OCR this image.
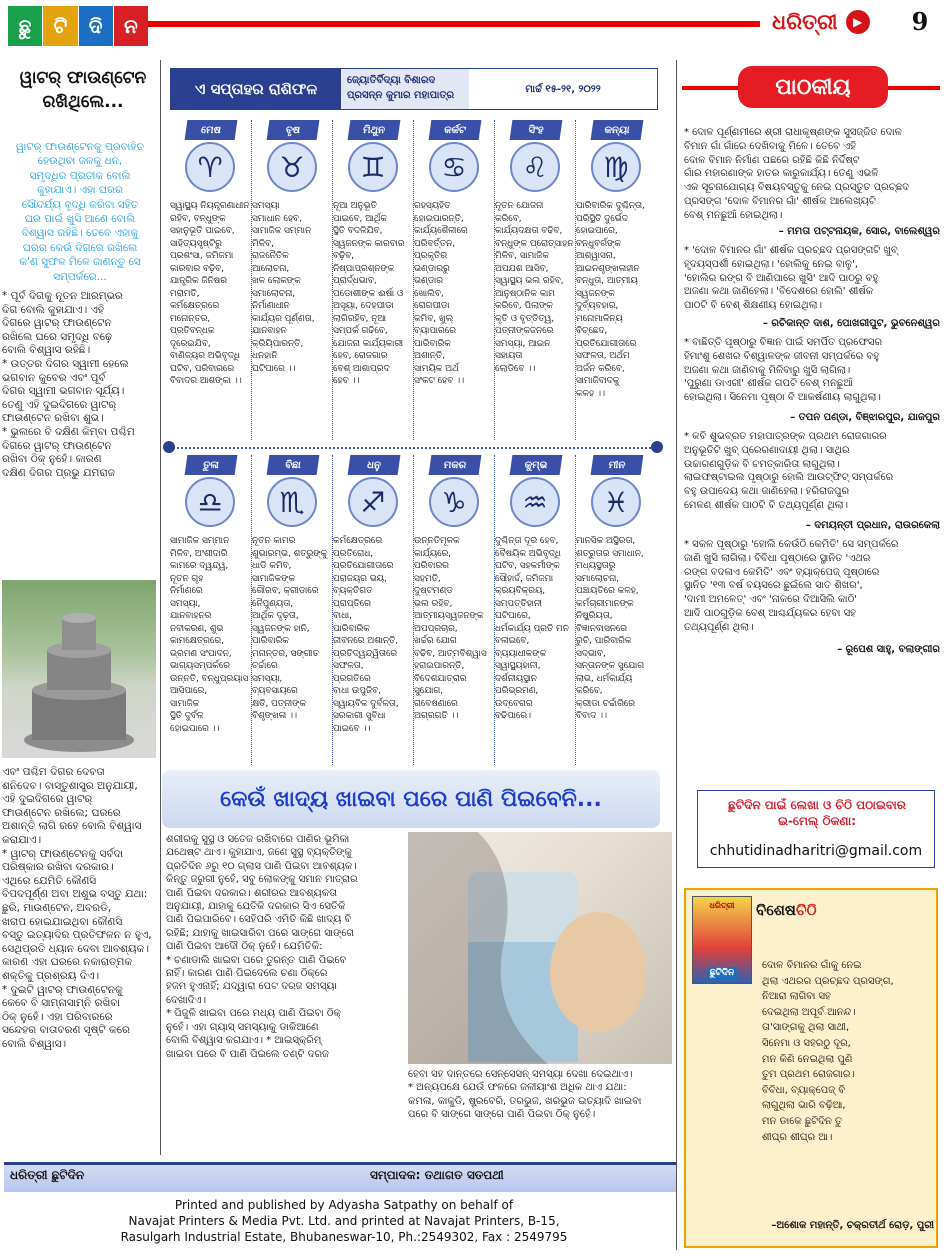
ଛୁ	ଟି	ଦି	ନ	ଧରିତ୍ରୀ	▶	9
ୱାଟର୍ ଫାଉଣ୍ଟେନ
ରଖିଥିଲେ...
ୱାଟର୍ ଫାଉଣ୍ଟେନକୁ ପ୍ରବାହିତ
ହେଉଥିବା ଜଳକୁ ଧନ,
ସମୃଦ୍ଧିର ପ୍ରତୀକ ବୋଲି
କୁହାଯାଏ। ଏହା ଘରର
ସୌନ୍ଦର୍ଯ୍ୟ ବୃଦ୍ଧି କରିବା ସହିତ
ଘର ପାଇଁ ଖୁସି ଆଣେ ବୋଲି
ବିଶ୍ୱାସ ରହିଛି। ତେବେ ଏହାକୁ
ଘରର କେଉଁ ଦିଗରେ ରଖିଲେ
କ'ଣ ସୁଫଳ ମିଳେ ଜାଣନ୍ତୁ ସେ
ସମ୍ପର୍କରେ...
* ପୂର୍ବ ଦିଗକୁ ନୂତନ ଆରମ୍ଭର
ଦିଗ ବୋଲି କୁହାଯାଏ। ଏହି
ଦିଗରେ ୱାଟର୍ ଫାଉଣ୍ଟେନ
ରଖିଲେ ଘରେ ସମୃଦ୍ଧି ବଢ଼େ
ବୋଲି ବିଶ୍ୱାସ ରହିଛି।
* ଉତ୍ତର ଦିଗର ସ୍ୱାମୀ ହେଲେ
ଭଗବାନ କୁବେର ଏବଂ ପୂର୍ବ
ଦିଗର ସ୍ୱାମୀ ଭଗବାନ ସୂର୍ଯ୍ୟ।
ତେଣୁ ଏହି ଦୁଇଦିଗରେ ୱାଟର୍
ଫାଉଣ୍ଟେନ ରଖିବା ଶୁଭ।
* ଭୁଲରେ ବି ଦକ୍ଷିଣ କିମ୍ବା ପଶ୍ଚିମ
ଦିଗରେ ୱାଟର୍ ଫାଉଣ୍ଟେନ
ରଖିବା ଠିକ୍ ନୁହେଁ। କାରଣ
ଦକ୍ଷିଣ ଦିଗର ପ୍ରଭୁ ଯମରାଜ
ଏବଂ ପଶ୍ଚିମ ଦିଗର ଦେବତା
ଶନିଦେବ। ବାସ୍ତୁଶାସ୍ତ୍ର ଅନୁଯାୟୀ,
ଏହି ଦୁଇଦିଗରେ ୱାଟର୍
ଫାଉଣ୍ଟେନ ରଖିଲେ; ଘରରେ
ଅଶାନ୍ତି ଲାଗି ରହେ ବୋଲି ବିଶ୍ୱାସ
କରାଯାଏ।
* ୱାଟର୍ ଫାଉଣ୍ଟେନକୁ ସର୍ବଦା
ପରିଷ୍କାର ରଖିବା ଦରକାର।
ଏଥିରେ ଯେମିତି କୌଣସି
ବିପଦପୂର୍ଣ୍ଣ ଅବା ଅଶୁଭ ବସ୍ତୁ ଯଥା:
ଛୁରି, ମାଉଣ୍ଟେନ, ଅବରଡି,
ଖରାପ ହୋଇଯାଇଥିବା କୌଣସି
ବସ୍ତୁ ଇତ୍ୟାଦିର ପ୍ରତିଫଳନ ନ ହୁଏ,
ସେଥିପ୍ରତି ଧ୍ୟାନ ଦେବା ଆବଶ୍ୟକ।
କାରଣ ଏହା ଘରରେ ନକାରାତ୍ମକ
ଶକ୍ତିକୁ ପ୍ରଶ୍ରୟ ଦିଏ।
* ଦୁଇଟି ୱାଟର୍ ଫାଉଣ୍ଟେନକୁ
କେବେ ବି ସାମ୍ନାସାମ୍ନି ରଖିବା
ଠିକ୍ ନୁହେଁ। ଏହା ପରିବାରରେ
ସନ୍ଦେହର ବାତାବରଣ ସୃଷ୍ଟି କରେ
ବୋଲି ବିଶ୍ୱାସ।
ଏ ସପ୍ତାହର ରାଶିଫଳ	ଜ୍ୟୋତିର୍ବିଦ୍ୟା ବିଶାରଦ
ପ୍ରସନ୍ନ କୁମାର ମହାପାତ୍ର
ମାର୍ଚ୍ଚ ୧୫-୨୧, ୨୦୨୨
ମେଷ
♈
ସ୍ୱାସ୍ଥ୍ୟ ନିୟନ୍ତ୍ରଣାଧୀନ
ରହିବ, ବନ୍ଧୁଙ୍କ
ସହାନୁଭୂତି ପାଇବେ,
ସାହିତ୍ୟସୃଷ୍ଟିରୁ
ପ୍ରଶଂସା, ଜମିଜମା
କାରବାର ବଢ଼ିବ,
ଯାନ୍ତ୍ରିକ ଜିନିଷର
ମରାମତି,
କର୍ମକ୍ଷେତ୍ରରେ
ମନୋନ୍ତର, ପ୍ରତିବନ୍ଧକ
ଦୂରେଇଯିବ,
ବାଣିଜ୍ୟର ଅଭିବୃଦ୍ଧି
ଘଟିବ, ପରିବାରରେ
ବିବାଦର ଆଶଙ୍କା ।।
ବୃଷ
♉
ସମସ୍ୟା
ସମାଧାନ ହେବ,
ସାମାଜିକ ସମ୍ମାନ
ମିଳିବ,
ରାଜନୈତିକ
ଆଲୋଚନା,
ଖଳ ଲୋକଙ୍କ
ସମାଲୋଚନା,
ନିର୍ମାଣାଧୀନ
କାର୍ଯ୍ୟର ପୂର୍ଣ୍ଣତା,
ଯାନବାହନ
କ୍ରିୟିପାରନ୍ତି,
ଧନହାନି
ଘଟିପାରେ ।।
ମିଥୁନ
♊
ନୂଆ ଅନୁଭୂତି
ପାଇବେ, ଆର୍ଥିକ
ସ୍ଥିତି ବଦଳିଯିବ,
ସ୍ୱଜନଙ୍କ କାରବାର
ବଢ଼ିବ, ନିଷ୍ପାପ୍ରଶ୍ନଙ୍କ
ପ୍ରାର୍ଦ୍ଧଭାବ,
ପଡୋଶୀଙ୍କ ଈର୍ଷା ଓ
ଅସୂୟା, ଦେହପୀଡା
ଲାଗିରହିବ, ନୂଆ
ସମ୍ପର୍କ ଗଢିବେ,
ଯୋଜନା କାର୍ଯ୍ୟକାରୀ
ହେବ, ରୋଜଗାର
ବେଶ୍ ଆଶାପ୍ରଦ
ହେବ ।।
କର୍କଟ
♋
ରହସ୍ୟହିତ
ହୋଇପାରନ୍ତି,
କାର୍ଯ୍ୟଶୈଳୀରେ
ପରିବର୍ତ୍ତନ,
ପ୍ରକୃତିର
ଭଣ୍ଡାରରୁ
ଭଣ୍ଡାର
ଖୋଲିବ,
ରୋଗପୀଡା
କମିବ, ଖୁଲ୍
ବ୍ୟାପାରରେ
ପାରିବାରିକ
ଅଶାନ୍ତି,
ସାମୟିକ ଅର୍ଥ
ସଂକଟ ହେବ ।।
ସିଂହ
♌
ନୂତନ ଯୋଜନା
କରିବେ,
କାର୍ଯ୍ୟଦକ୍ଷତା ବଢିବ,
ବନ୍ଧୁଙ୍କ ପ୍ରୋତ୍ସାହନ
ମିଳିବ, ସାମାଜିକ
ଅପଯଶ ଆସିବ,
ସ୍ୱାସ୍ଥ୍ୟ ଭଲ ରହିବ,
ଆନୁଷ୍ଠାନିକ କାମ
କରିବେ, ପିଲାଙ୍କ
କୃତି ଓ ବୃତ୍ତିତ୍ୱ,
ପତ୍ନୀଙ୍କଜନରେ
ସମସ୍ୟା, ଆଇନ
ସହାୟତା
ଲୋଡିବେ ।।
କନ୍ୟା
♍
ପାରିବାରିକ ଦୁଶ୍ଚିନ୍ତା,
ପରିସ୍ଥିତି ଦୁର୍ଭେଦ
ହୋଇପାରେ,
ବନ୍ଧୁବର୍ଗଙ୍କ
ଆଶ୍ୱାସନା,
ଆଇନଶୃଙ୍ଖଳାହୀନ
ବନ୍ଧୁତା, ଆତ୍ମୀୟ
ସ୍ୱଜନଙ୍କ ଦୁର୍ବ୍ୟବହାର,
ମନୋମାଳିନ୍ୟ ବିଚ୍ଛେଦ,
ପ୍ରତିଯୋଗୀତାରେ
ସଫଳତା, ଅର୍ଥମ
ଅର୍ଜନ କରିବେ,
ସାମାଜିବାଦକୁ
କଳହ ।।
ତୁଳା
♎
ସାମାଜିକ ସମ୍ମାନ
ମିଳିବ, ଅଂଶୀଦାରି
କାମରେ ଦ୍ୱନ୍ଦ୍ୱ,
ନୂତନ ଗୃହ
ନିର୍ମାଣରେ
ସମସ୍ୟା,
ଯାନବାହନର
ନବୀକରଣ, ଶୁଭ
କାମକ୍ଷେତ୍ରରେ,
ଭ୍ରମଣ ସଂପାଦନ,
ଭାଗ୍ୟସମ୍ପର୍କରେ
ଉନ୍ନତି, ବନ୍ଧୁପ୍ରୟାସ
ଆସିପାରେ,
ସାମାଜିକ
ସ୍ଥିତି ଦୁର୍ବଳ
ହୋଇପାରେ ।।
ବିଛା
♏
ନୂତନ କାମର
ଶୁଭାରମ୍ଭ, ଶତ୍ରୁଙ୍କୁ
ଧାଡି କମିବ,
ସାମାଜିକଙ୍କ
ଗୌରବ, କ୍ରୀଡାରେ
ନୈପୁଣ୍ୟତା,
ଆର୍ଥିକ ଦୃଢ଼ତା,
ସ୍ୱଜନଙ୍କ ହାନି,
ପାରିବାରିକ
ମନାନ୍ତର, ସଙ୍ଗୀତ
ଚର୍ଚ୍ଚାରେ
ସମସ୍ୟା,
ବ୍ୟବସାୟରେ
କ୍ଷତି, ପତ୍ନୀଙ୍କ
ବିଶୃଙ୍ଖଳା ।।
ଧନୁ
♐
କର୍ମକ୍ଷେତ୍ରରେ
ପ୍ରତିରୋଧ,
ପ୍ରତିଯୋଗୀତାରେ
ପରାଜୟର ଭୟ,
ବ୍ୟକ୍ତିଗତ ପ୍ରାପ୍ତିରେ
ବାଧା,
ପାରିବାରିକ
ଜୀବନରେ ଅଶାନ୍ତି,
ପ୍ରତିଦ୍ୱନ୍ଦ୍ୱିତାରେ
ସଫଳତା,
ପ୍ରଗତିରେ
ବାଧା ଉପୁଜିବ,
ସ୍ୱାୟବିକ ଦୁର୍ବଳତା,
ସରକାରୀ ସୁବିଧା
ପାଇବେ ।।
ମକର
♑
ଉନ୍ନତିମୂଳକ
କାର୍ଯ୍ୟରେ,
ପରିବାରର
ସହମତି,
ଦୁଷ୍ଟମଣ୍ଡ
ଭଲ ରହିବ,
ଆତ୍ମୀୟସ୍ୱଜନଙ୍କ
ଅପପ୍ରଚାର,
ଖର୍ଚ୍ଚର ଯୋଗ
ବଢିବ, ଆତ୍ମବିଶ୍ୱାସ
ହରାଇପାରନ୍ତି,
ବିଦେଶଯାତ୍ରାର
ସୁଯୋଗ,
ଗବେଷଣାରେ
ଅଗ୍ରଗତି ।।
କୁମ୍ଭ
♒
ଦୁଶ୍ଚିନ୍ତା ଦୂର ହେବ,
ବୈଷୟିକ ଅଭିବୃଦ୍ଧି
ଘଟିବ, ସହକର୍ମୀଙ୍କ
ସୌହାର୍ଦ୍ଦ, ଜମିଜମା
କ୍ରୟବିକ୍ରୟ,
ସମ୍ପତ୍ତିହାନୀ
ଘଟିପାରେ,
ଧର୍ମକାର୍ଯ୍ୟ ପ୍ରତି ମନ
ବଳାଇବେ,
ବ୍ୟୟାଧୀକଙ୍କ
ସ୍ୱାସ୍ଥ୍ୟହାନୀ,
ଦର୍ଶନୀୟସ୍ଥାନ
ପରିଭ୍ରମଣ,
ଉଦ୍ବେଗର
ବଢିପାରେ।
ମୀନ
♓
ମାନସିକ ଅସ୍ଥିରତା,
ଶତ୍ରୁତାର ସମାଧାନ,
ମଧ୍ୟସ୍ଥତାରୁ
ସମାଲୋଚନା,
ପଞ୍ଚାୟତିରେ କଳହ,
କର୍ମଚାରୀମାନଙ୍କ
ନିଷ୍କ୍ରିୟତା,
ବିଜ୍ଞାନବାସନରେ
ରୁଚି, ପାରିବାରିକ
ସଦ୍ଭାବ,
ସନ୍ତାନଙ୍କ ସୁଯୋଗ
ଲାଭ, ଧର୍ମକାର୍ଯ୍ୟ
କରିବେ,
କ୍ରୀଡା ଚର୍ଚ୍ଚାରିରେ
ବିବାଦ ।।
କେଉଁ ଖାଦ୍ୟ ଖାଇବା ପରେ ପାଣି ପିଇବେନି...
ଶରୀରକୁ ସୁସ୍ଥ ଓ ସତେଜ ରଖିବାରେ ପାଣିର ଭୂମିକା
ଯଥେଷ୍ଟ ଥାଏ। କୁହାଯାଏ, ଜଣେ ସୁସ୍ଥ ବ୍ୟକ୍ତିଙ୍କୁ
ପ୍ରତିଦିନ ୬ରୁ ୧୦ ଗ୍ଲାସ ପାଣି ପିଇବା ଆବଶ୍ୟକ।
କିନ୍ତୁ ଜରୁରୀ ନୁହେଁ, ସବୁ ଲୋକଙ୍କୁ ସମାନ ମାତ୍ରାର
ପାଣି ପିଇବା ଦରକାର। ଶରୀରର ଆବଶ୍ୟକତା
ଅନୁଯାୟୀ, ଯାହାକୁ ଯେତିକି ଦରକାର ସିଏ ସେତିକି
ପାଣି ପିଇପାରିବେ। ସେହିପରି ଏମିତି କିଛି ଖାଦ୍ୟ ବି
ରହିଛି; ଯାହାକୁ ଖାଇସାରିବା ପରେ ସାଙ୍ଗେ ସାଙ୍ଗେ
ପାଣି ପିଇବା ଆଦୌ ଠିକ୍ ନୁହେଁ। ଯେମିତିକି:
* ଚଣାଡାଲି ଖାଇବା ପରେ ତୁରନ୍ତ ପାଣି ପିଇବେ
ନାହିଁ। କାରଣ ପାଣି ପିଇଦେଲେ ଚଣା ଠିକ୍‌ରେ
ହଜମ ହୁଏନାହିଁ; ଯଦ୍ୱାରା ପେଟ ଦରଜ ସମସ୍ୟା
ଦେଖାଦିଏ।
* ପିଜୁଳି ଖାଇବା ପରେ ମଧ୍ୟ ପାଣି ପିଇବା ଠିକ୍
ନୁହେଁ। ଏହା ଗ୍ୟାସ୍ ସମସ୍ୟାକୁ ଡାକିଆଣେ
ବୋଲି ବିଶ୍ୱାସ କରାଯାଏ। * ଆଇସ୍‌କ୍ରିମ୍
ଖାଇବା ପରେ ବି ପାଣି ପିଇଲେ ତଣ୍ଟି ଦରଜ
ହେବା ସହ ଦାନ୍ତରେ ସେନ୍‌ସେସନ୍ ସମସ୍ୟା ଦେଖା ଦେଇଥାଏ।
* ଅନ୍ୟପକ୍ଷେ ଯେଉଁ ଫଳରେ ଜଳୀୟାଂଶ ଅଧିକ ଥାଏ ଯଥା:
କମଳା, କାକୁଡି, ଷ୍ଟ୍ରବେରି, ତରଭୁଜ, ଖରଭୁଜ ଇତ୍ୟାଦି ଖାଇବା
ପରେ ବି ସାଙ୍ଗେ ସାଙ୍ଗେ ପାଣି ପିଇବା ଠିକ୍ ନୁହେଁ।
ଧରିତ୍ରୀ ଛୁଟିଦିନ	ସମ୍ପାଦକ: ତଥାଗତ ସତପଥୀ
Printed and published by Adyasha Satpathy on behalf of
Navajat Printers & Media Pvt. Ltd. and printed at Navajat Printers, B-15,
Rasulgarh Industrial Estate, Bhubaneswar-10, Ph.:2549302, Fax : 2549795
ପାଠକୀୟ
* ଦୋଳ ପୂର୍ଣ୍ଣମୀରେ ଶ୍ରୀ ରାଧାକୃଷ୍ଣଙ୍କ ସୁସଜ୍ଜିତ ଦୋଳ
ବିମାନ ଗାଁ ଗାଁରେ ଦେଖିବାକୁ ମିଳେ। ତେବେ ଏହି
ଦୋଳ ବିମାନ ନିର୍ମାଣ ପଛରେ ରହିଛି କିଛି ନିର୍ଦ୍ଦିଷ୍ଟ
ଗାଁର ମହାରଣାଙ୍କ ହାତର କାରୁକାର୍ଯ୍ୟ। ତେଣୁ ଏଭଳି
ଏକ ସୂଚନାଯୋଗ୍ୟ ବିଷୟବସ୍ତୁକୁ ନେଇ ପ୍ରସ୍ତୁତ ପ୍ରଚ୍ଛଦ
ପ୍ରସଙ୍ଗ 'ଦୋଳ ବିମାନର ଗାଁ' ଶୀର୍ଷକ ଆଲେଖ୍ୟଟି
ବେଶ୍ ମନଛୁଆଁ ହୋଇଥିଲା।
– ମମତା ପଟ୍ଟନାୟକ, ସୋର, ବାଲେଶ୍ୱର
* 'ଦୋଳ ବିମାନର ଗାଁ' ଶୀର୍ଷକ ପ୍ରଚ୍ଛଦ ପ୍ରସଙ୍ଗଟି ଖୁବ୍
ହୃଦୟସ୍ପର୍ଶୀ ହୋଇଥିଲା। 'ହୋଲିକୁ ନେଇ ବାଳୁ',
'ହୋଲିର ରଙ୍ଗ ବି ଆଣିପାରେ ଖୁସି' ଆଦି ପାଠରୁ ବହୁ
ଅଜଣା କଥା ଜାଣିହେଲା। 'ବିଦେଶରେ ହୋଲି' ଶୀର୍ଷକ
ପାଠଟି ବି ବେଶ୍ ଶିକ୍ଷଣୀୟ ହୋଇଥିଲା।
– ରଚିକାନ୍ତ ଦାଶ, ପୋଖରୀପୁଟ, ଭୁବନେଶ୍ୱର
* ବାଛିତ୍ତି ପୃଷ୍ଠାରୁ ବିଜ୍ଞାନ ପାଇଁ ସମର୍ପିତ ପ୍ରଫେସର
ହିମାଂଶୁ ଶେଖର ବିଶ୍ୱାଳଙ୍କ ଜୀବନୀ ସମ୍ପର୍କରେ ବହୁ
ଅଜଣା କଥା ଜାଣିବାକୁ ମିଳିବାରୁ ଖୁସି ଲାଗିଲା।
'ପୁରୁଣା ଡାଏରୀ' ଶୀର୍ଷକ ଗପଟି ବେଶ୍ ମନଛୁଆଁ
ହୋଇଥିଲା। ସିନେମା ପୃଷ୍ଠା ବି ଆକର୍ଷଣୀୟ ଲାଗୁଥିଲା।
– ତପନ ପଣ୍ଡା, ବିଞ୍ଝାରପୁର, ଯାଜପୁର
* କବି ଶୁଭବ୍ରତ ମହାପାତ୍ରଙ୍କ ପ୍ରଥମ ରୋଜଗାରର
ଅନୁଭୂତିଟି ଖୁବ୍ ପ୍ରେରଣାଦାୟୀ ଥିଲା। ସାଥିର
ଉଚ୍ଚାରଣଗୁଡ଼ିକ ବି ଚମତ୍କାରିତା ଲାଗୁଥିଲା।
ଲାଇଫଷ୍ଟାଇଲ ପୃଷ୍ଠାରୁ ହୋଲି ଆଉଟ୍‌ଫିଟ୍ ସମ୍ପର୍କରେ
ବହୁ ଉପାଦେୟ କଥା ଜାଣିହେଲା। ହରିରାଜପୁର
ମେଳଣ ଶୀର୍ଷକ ପାଠଟି ବି ତଥ୍ୟପୂର୍ଣ୍ଣ ଥିଲା।
– ଦମୟନ୍ତୀ ପ୍ରଧାନ, ରାଉରକେଲା
* ସକଳ ପୃଷ୍ଠାରୁ 'ହୋଲି କେଉଁଠି କେମିତି' ସେ ସମ୍ପର୍କରେ
ଜାଣି ଖୁସି ଲାଗିଲା। ବିବିଧା ପୃଷ୍ଠାରେ ସ୍ଥାନିତ 'ଏଥର
ରଙ୍ଗ ବଦଳାଏ କେମିତି' ଏବଂ ବ୍ୟାକ୍‌ପେଜ୍ ପୃଷ୍ଠାରେ
ସ୍ଥାନିତ '୧୩ ବର୍ଷ ବୟସରେ ଛୁଇଁଲେ ସାତ ଶିଖର',
'ଦାମୀ ଅମଳେତ୍' ଏବଂ 'ନାକରେ ଦିଆସିଲି କାଠି'
ଆଦି ପାଠଗୁଡ଼ିକ ବେଶ୍ ଆଶ୍ଚର୍ଯ୍ୟକର ହେବା ସହ
ତଥ୍ୟପୂର୍ଣ୍ଣ ଥିଲା।
– ରୂପେଶ ସାହୁ, ବଲାଙ୍ଗୀର
ଛୁଟିଦିନ ପାଇଁ ଲେଖା ଓ ଚିଠି ପଠାଇବାର
ଇ-ମେଲ୍ ଠିକଣା:
chhutidinadharitri@gmail.com
ବିଶେଷ ଚିଠି
ଧରିତ୍ରୀ
ଛୁଟିଦିନ
ଦୋଳ ବିମାନର ଗାଁକୁ ନେଇ
ଥିଲା ଏଥରର ପ୍ରଚ୍ଛଦ ପ୍ରସଙ୍ଗ,
ନିଆରା ଲାଗିବା ସହ
ଦେଇଥିଲା ଅପୂର୍ବ ଆନନ୍ଦ।
ତା'ସାଙ୍ଗକୁ ଥିଲା ସାଥୀ,
ସିନେମା ଓ ସହରଠୁ ଦୂର,
ମନ କିଣି ନେଇଥିଲା ପୁଣି
ତୁମ ପ୍ରଥମ ରୋଜଗାର।
ବିବିଧା, ବ୍ୟାକ୍‌ପେଜ୍ ବି
ଲାଗୁଥିଲା ଭାରି ବଢ଼ିଆ,
ମନ ଡାକେ ଛୁଟିଦିନ ତୁ
ଶୀଘ୍ର ଶୀଘ୍ର ଆ।
–ଅଶୋକ ମହାନ୍ତି, ଚକ୍ରତୀର୍ଥ ରୋଡ଼, ପୁରୀ
